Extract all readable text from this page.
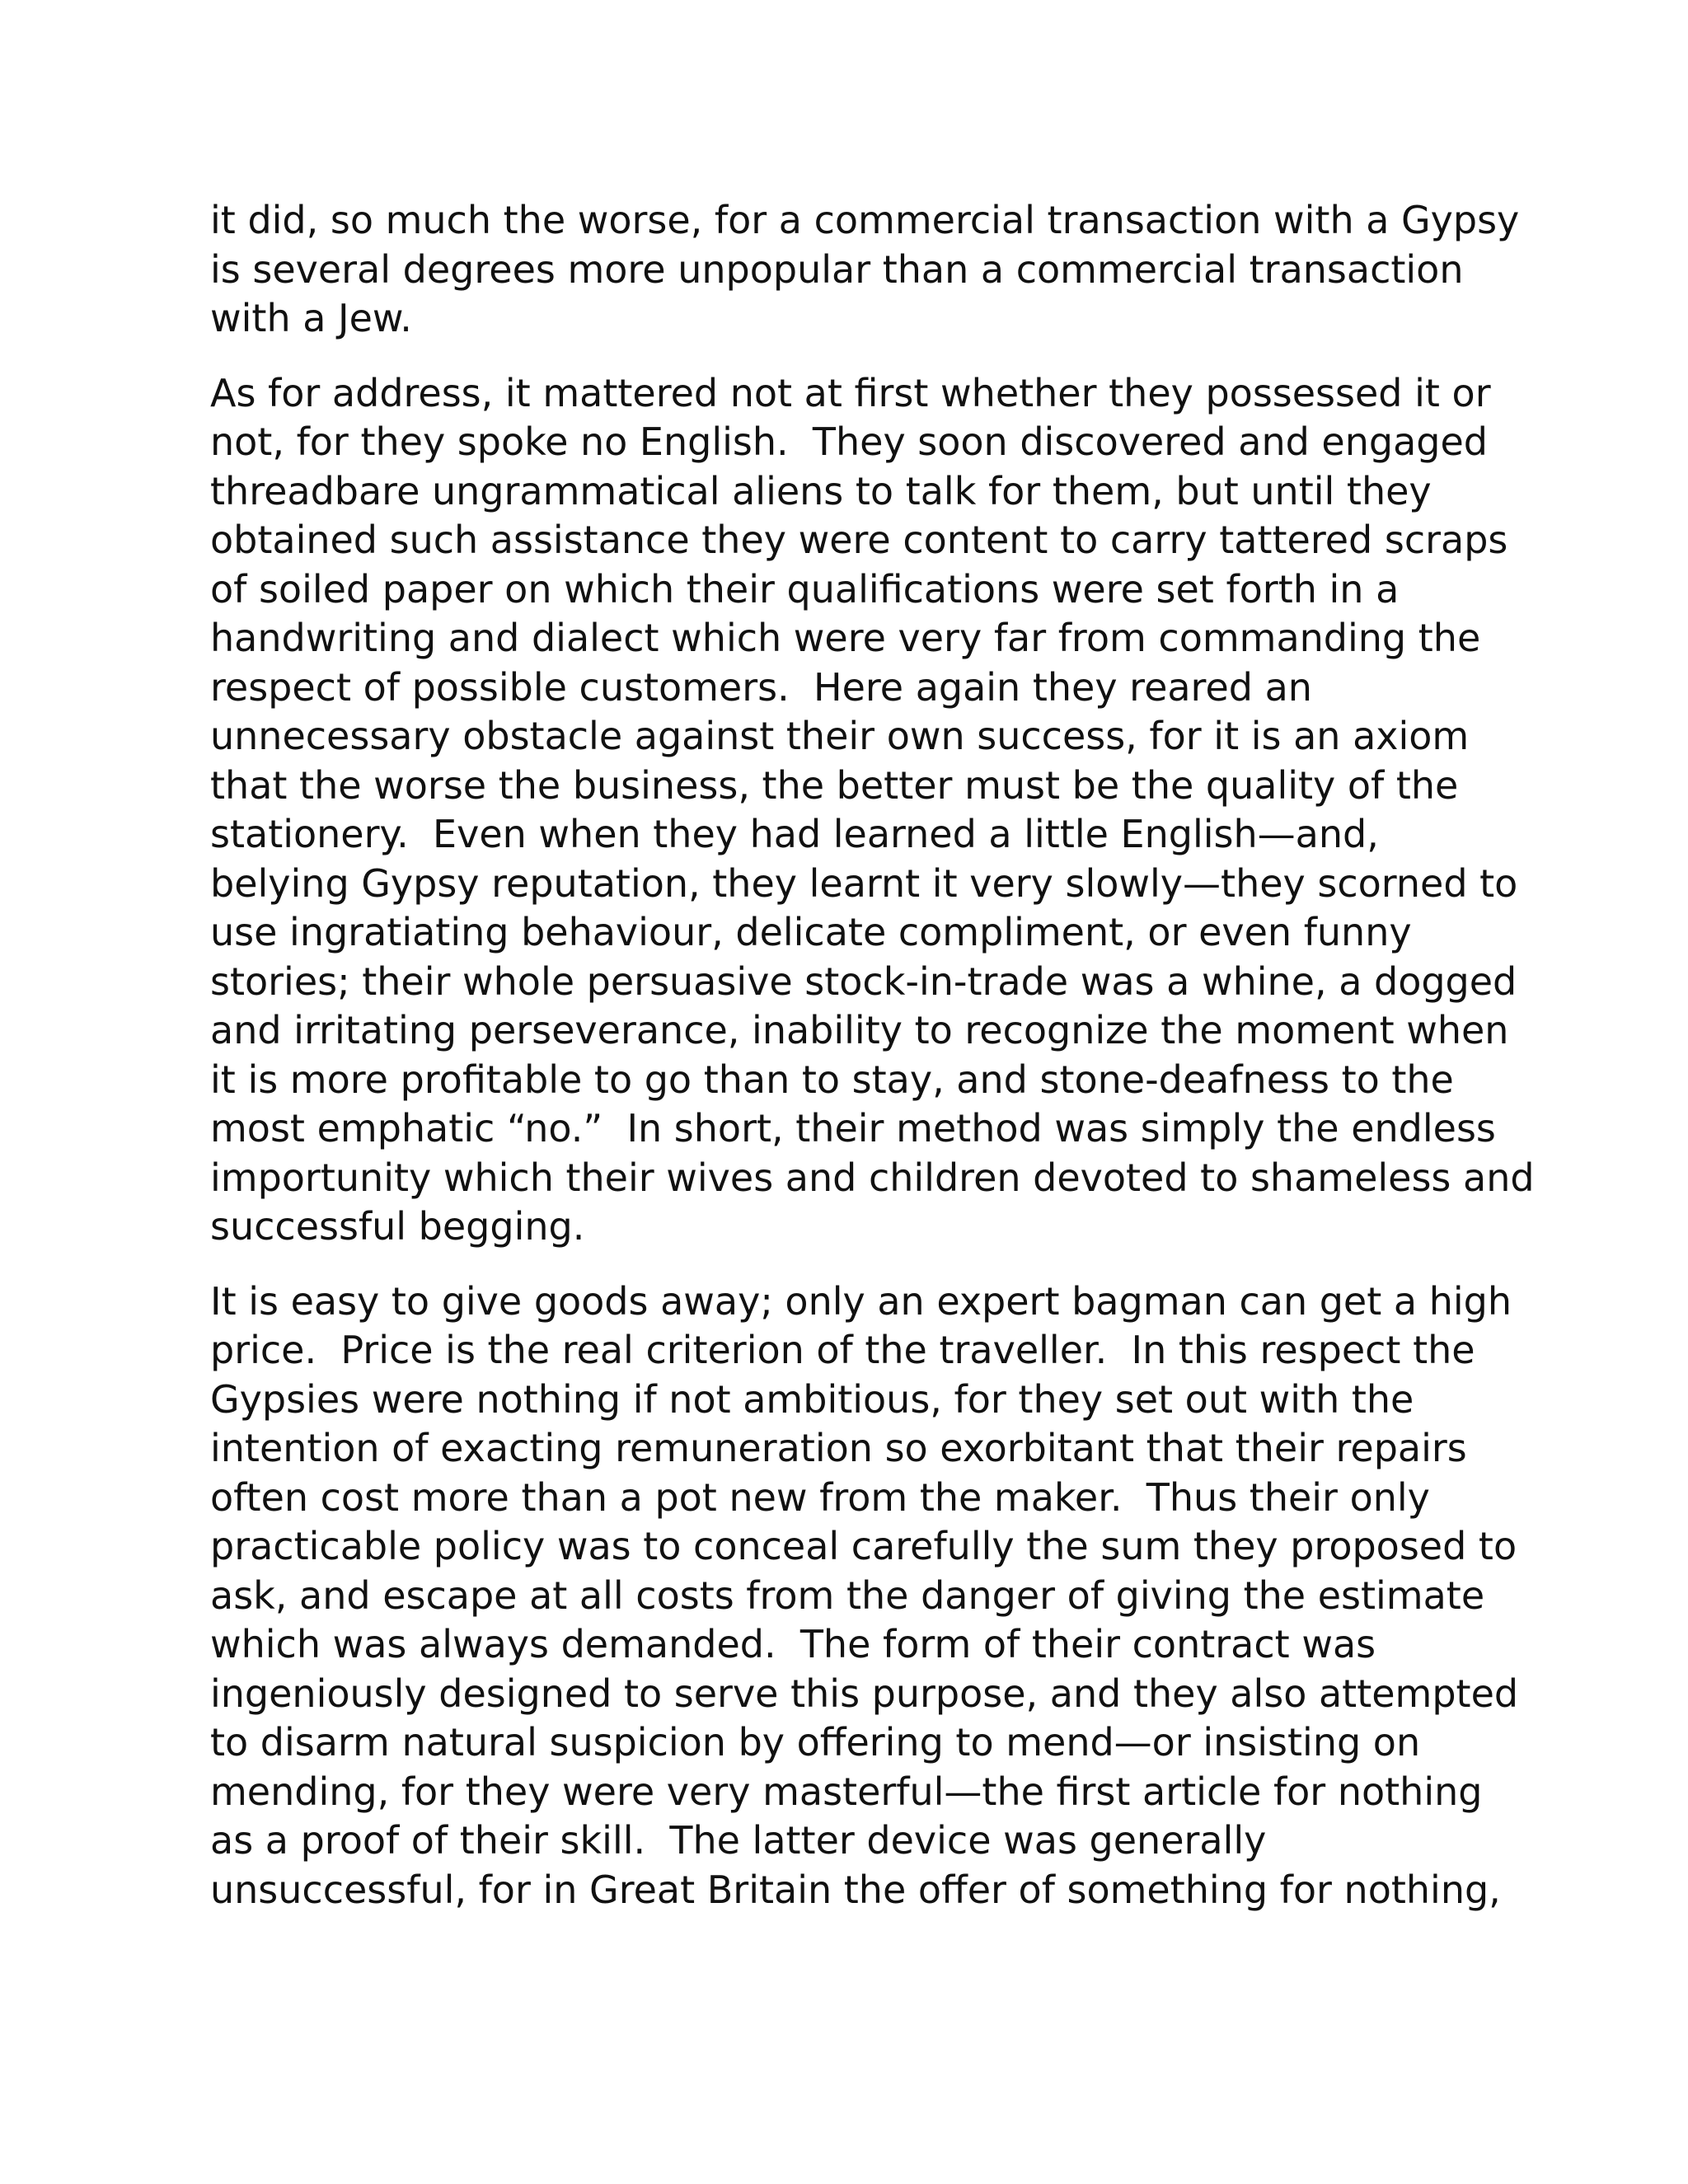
it did, so much the worse, for a commercial transaction with a Gypsy
is several degrees more unpopular than a commercial transaction
with a Jew.

As for address, it mattered not at first whether they possessed it or
not, for they spoke no English.  They soon discovered and engaged
threadbare ungrammatical aliens to talk for them, but until they
obtained such assistance they were content to carry tattered scraps
of soiled paper on which their qualifications were set forth in a
handwriting and dialect which were very far from commanding the
respect of possible customers.  Here again they reared an
unnecessary obstacle against their own success, for it is an axiom
that the worse the business, the better must be the quality of the
stationery.  Even when they had learned a little English—and,
belying Gypsy reputation, they learnt it very slowly—they scorned to
use ingratiating behaviour, delicate compliment, or even funny
stories; their whole persuasive stock-in-trade was a whine, a dogged
and irritating perseverance, inability to recognize the moment when
it is more profitable to go than to stay, and stone-deafness to the
most emphatic “no.”  In short, their method was simply the endless
importunity which their wives and children devoted to shameless and
successful begging.

It is easy to give goods away; only an expert bagman can get a high
price.  Price is the real criterion of the traveller.  In this respect the
Gypsies were nothing if not ambitious, for they set out with the
intention of exacting remuneration so exorbitant that their repairs
often cost more than a pot new from the maker.  Thus their only
practicable policy was to conceal carefully the sum they proposed to
ask, and escape at all costs from the danger of giving the estimate
which was always demanded.  The form of their contract was
ingeniously designed to serve this purpose, and they also attempted
to disarm natural suspicion by offering to mend—or insisting on
mending, for they were very masterful—the first article for nothing
as a proof of their skill.  The latter device was generally
unsuccessful, for in Great Britain the offer of something for nothing,
